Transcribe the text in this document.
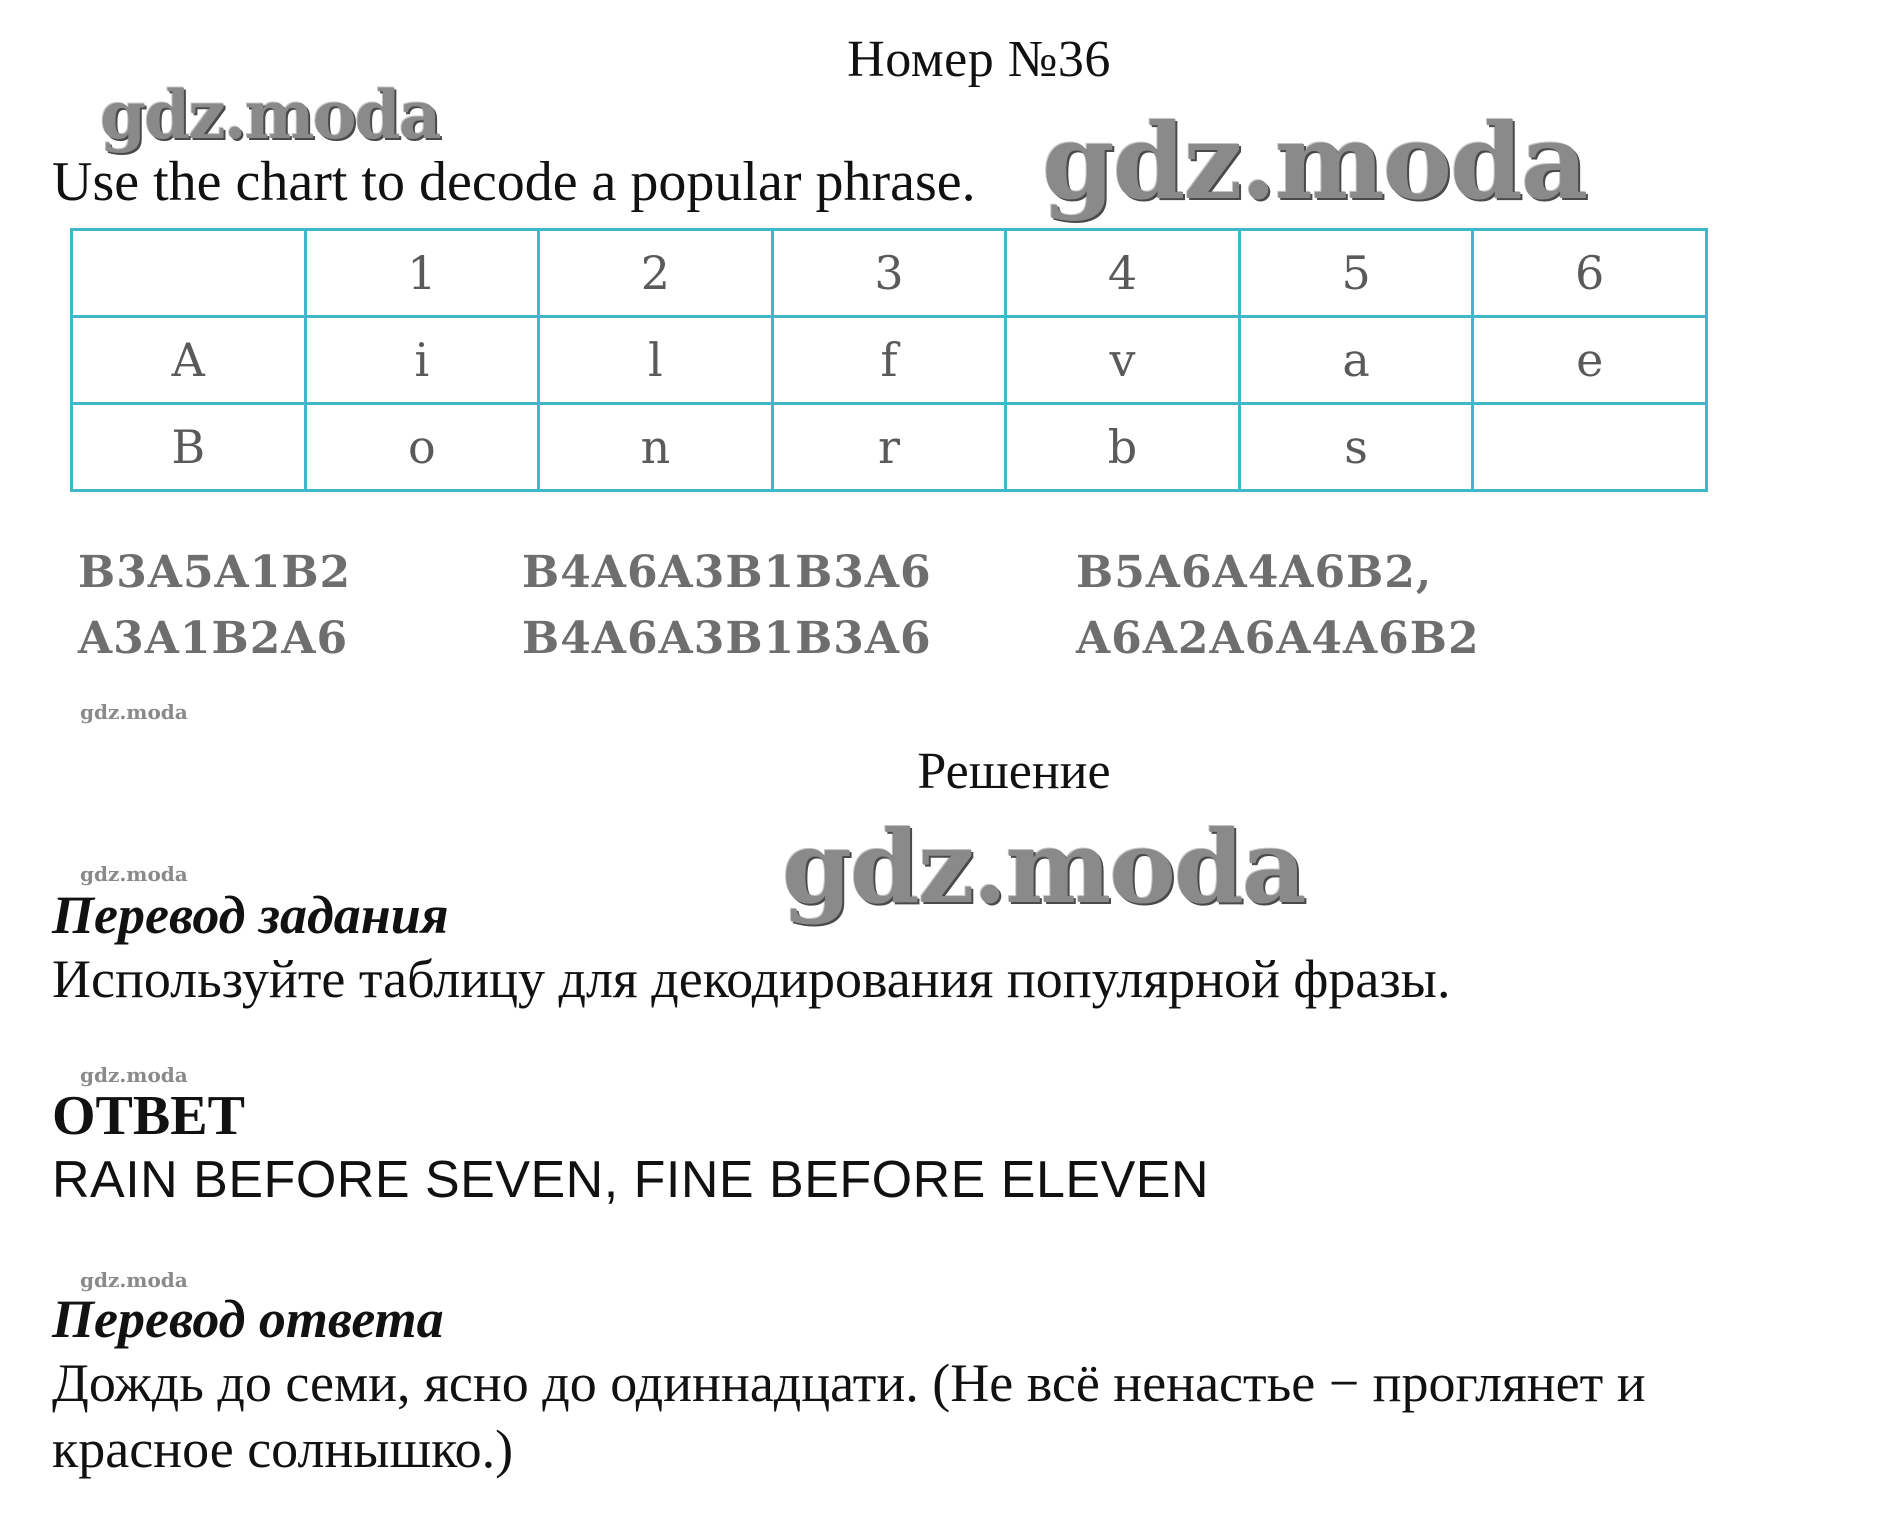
Номер №36
gdz.moda	gdz.moda
Use the chart to decode a popular phrase.
	1	2	3	4	5	6
A	i	l	f	v	a	e
B	o	n	r	b	s	
B3A5A1B2
A3A1B2A6
B4A6A3B1B3A6
B4A6A3B1B3A6
B5A6A4A6B2,
A6A2A6A4A6B2
gdz.moda
Решение
gdz.moda
gdz.moda
Перевод задания
Используйте таблицу для декодирования популярной фразы.
gdz.moda
ОТВЕТ
RAIN BEFORE SEVEN, FINE BEFORE ELEVEN
gdz.moda
Перевод ответа
Дождь до семи, ясно до одиннадцати. (Не всё ненастье − проглянет и
красное солнышко.)
